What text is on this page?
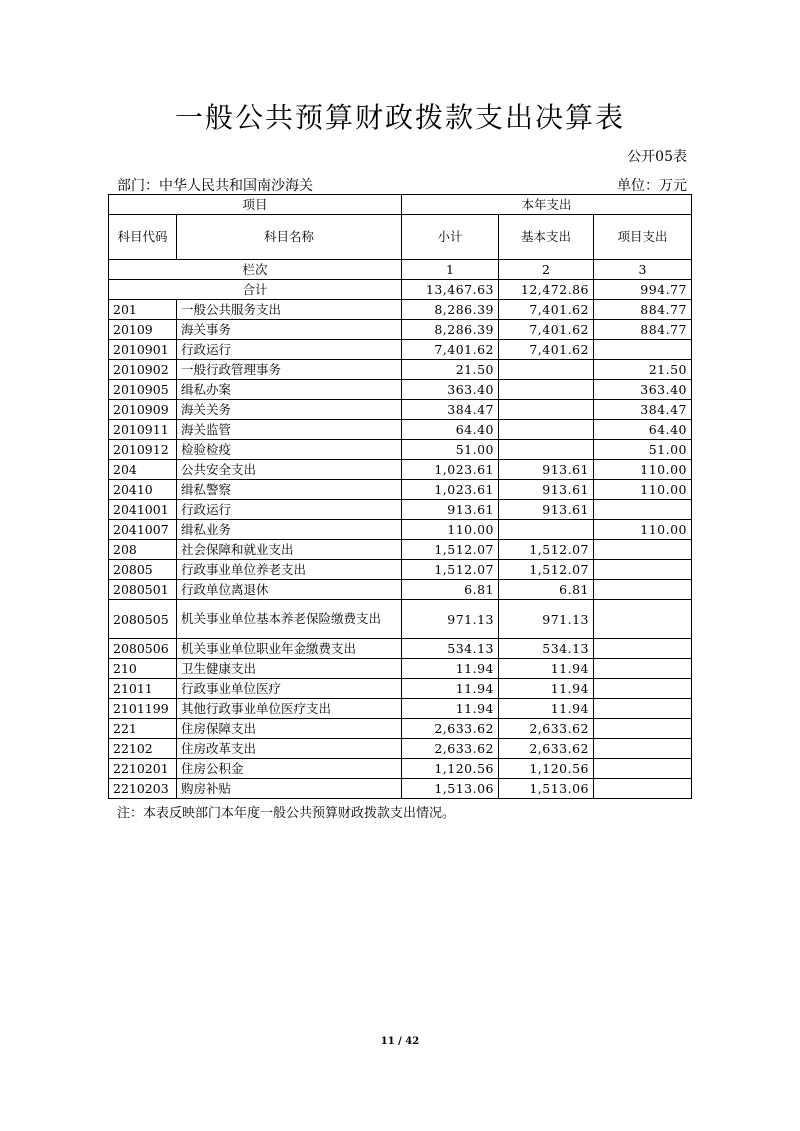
一般公共预算财政拨款支出决算表
公开05表
部门：中华人民共和国南沙海关	单位：万元
项目		本年支出		
科目代码	科目名称	小计	基本支出	项目支出
栏次		1	2	3
合计		13,467.63	12,472.86	994.77
201	一般公共服务支出	8,286.39	7,401.62	884.77
20109	海关事务	8,286.39	7,401.62	884.77
2010901	行政运行	7,401.62	7,401.62	
2010902	一般行政管理事务	21.50		21.50
2010905	缉私办案	363.40		363.40
2010909	海关关务	384.47		384.47
2010911	海关监管	64.40		64.40
2010912	检验检疫	51.00		51.00
204	公共安全支出	1,023.61	913.61	110.00
20410	缉私警察	1,023.61	913.61	110.00
2041001	行政运行	913.61	913.61	
2041007	缉私业务	110.00		110.00
208	社会保障和就业支出	1,512.07	1,512.07	
20805	行政事业单位养老支出	1,512.07	1,512.07	
2080501	行政单位离退休	6.81	6.81	
2080505	机关事业单位基本养老保险缴费支出	971.13	971.13	
2080506	机关事业单位职业年金缴费支出	534.13	534.13	
210	卫生健康支出	11.94	11.94	
21011	行政事业单位医疗	11.94	11.94	
2101199	其他行政事业单位医疗支出	11.94	11.94	
221	住房保障支出	2,633.62	2,633.62	
22102	住房改革支出	2,633.62	2,633.62	
2210201	住房公积金	1,120.56	1,120.56	
2210203	购房补贴	1,513.06	1,513.06	
注：本表反映部门本年度一般公共预算财政拨款支出情况。
11 / 42
